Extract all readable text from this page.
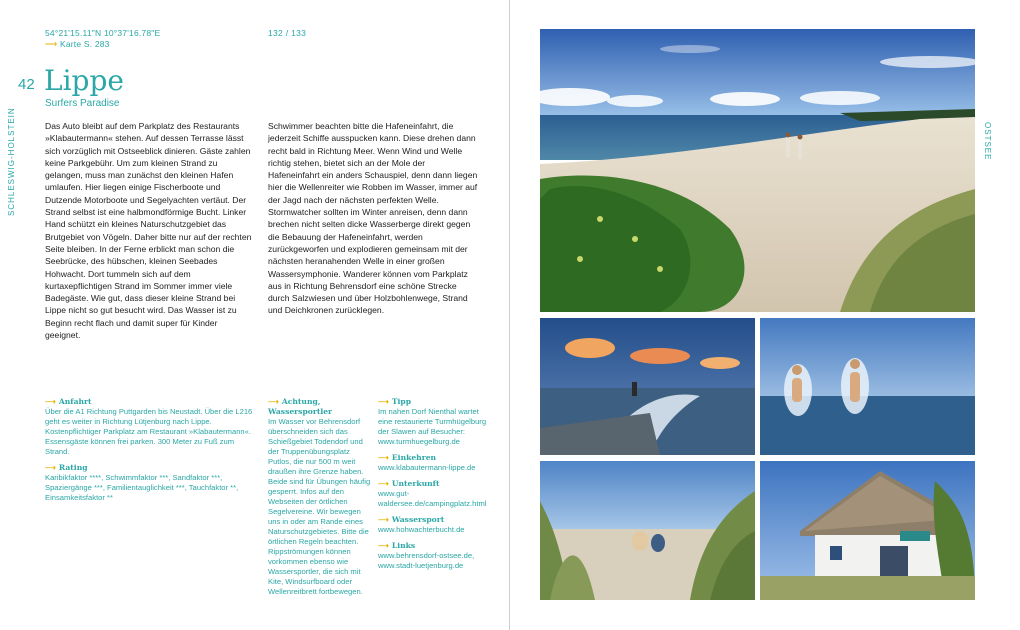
54°21'15.11"N 10°37'16.78"E
⟶ Karte S. 283
132 / 133
42 Lippe
Surfers Paradise
SCHLESWIG-HOLSTEIN	Das Auto bleibt auf dem Parkplatz des Restaurants »Klabautermann« stehen. Auf dessen Terrasse lässt sich vorzüglich mit Ostseeblick dinieren. Gäste zahlen keine Parkgebühr. Um zum kleinen Strand zu gelangen, muss man zunächst den kleinen Hafen umlaufen. Hier liegen einige Fischerboote und Dutzende Motorboote und Segelyachten vertäut. Der Strand selbst ist eine halbmondförmige Bucht. Linker Hand schützt ein kleines Naturschutzgebiet das Brutgebiet von Vögeln. Daher bitte nur auf der rechten Seite bleiben. In der Ferne erblickt man schon die Seebrücke, des hübschen, kleinen Seebades Hohwacht. Dort tummeln sich auf dem kurtaxepflichtigen Strand im Sommer immer viele Badegäste. Wie gut, dass dieser kleine Strand bei Lippe nicht so gut besucht wird. Das Wasser ist zu Beginn recht flach und damit super für Kinder geeignet.
Schwimmer beachten bitte die Hafeneinfahrt, die jederzeit Schiffe ausspucken kann. Diese drehen dann recht bald in Richtung Meer. Wenn Wind und Welle richtig stehen, bietet sich an der Mole der Hafeneinfahrt ein anders Schauspiel, denn dann liegen hier die Wellenreiter wie Robben im Wasser, immer auf der Jagd nach der nächsten perfekten Welle. Stormwatcher sollten im Winter anreisen, denn dann brechen nicht selten dicke Wasserberge direkt gegen die Bebauung der Hafeneinfahrt, werden zurückgeworfen und explodieren gemeinsam mit der nächsten heranahenden Welle in einer großen Wassersymphonie. Wanderer können vom Parkplatz aus in Richtung Behrensdorf eine schöne Strecke durch Salzwiesen und über Holzbohlenwege, Strand und Deichkronen zurücklegen.
⟶ Anfahrt
Über die A1 Richtung Puttgarden bis Neustadt. Über die L216 geht es weiter in Richtung Lütjenburg nach Lippe. Kostenpflichtiger Parkplatz am Restaurant »Klabautermann«. Essensgäste können frei parken. 300 Meter zu Fuß zum Strand.
⟶ Rating
Karibikfaktor ****, Schwimmfaktor ***, Sandfaktor ***, Spaziergänge ***, Familientauglichkeit ***, Tauchfaktor **, Einsamkeitsfaktor **
⟶ Achtung, Wassersportler
Im Wasser vor Behrensdorf überschneiden sich das Schießgebiet Todendorf und der Truppenübungsplatz Putlos, die nur 500 m weit draußen ihre Grenze haben. Beide sind für Übungen häufig gesperrt. Infos auf den Webseiten der örtlichen Segelvereine. Wir bewegen uns in oder am Rande eines Naturschutzgebietes. Bitte die örtlichen Regeln beachten. Rippströmungen können vorkommen ebenso wie Wassersportler, die sich mit Kite, Windsurfboard oder Wellenreitbrett fortbewegen.
⟶ Tipp
Im nahen Dorf Nienthal wartet eine restaurierte Turmhügelburg der Slawen auf Besucher: www.turmhuegelburg.de
⟶ Einkehren
www.klabautermann-lippe.de
⟶ Unterkunft
www.gut-waldersee.de/campingplatz.html
⟶ Wassersport
www.hohwachterbucht.de
⟶ Links
www.behrensdorf-ostsee.de,
www.stadt-luetjenburg.de
OSTSEE
